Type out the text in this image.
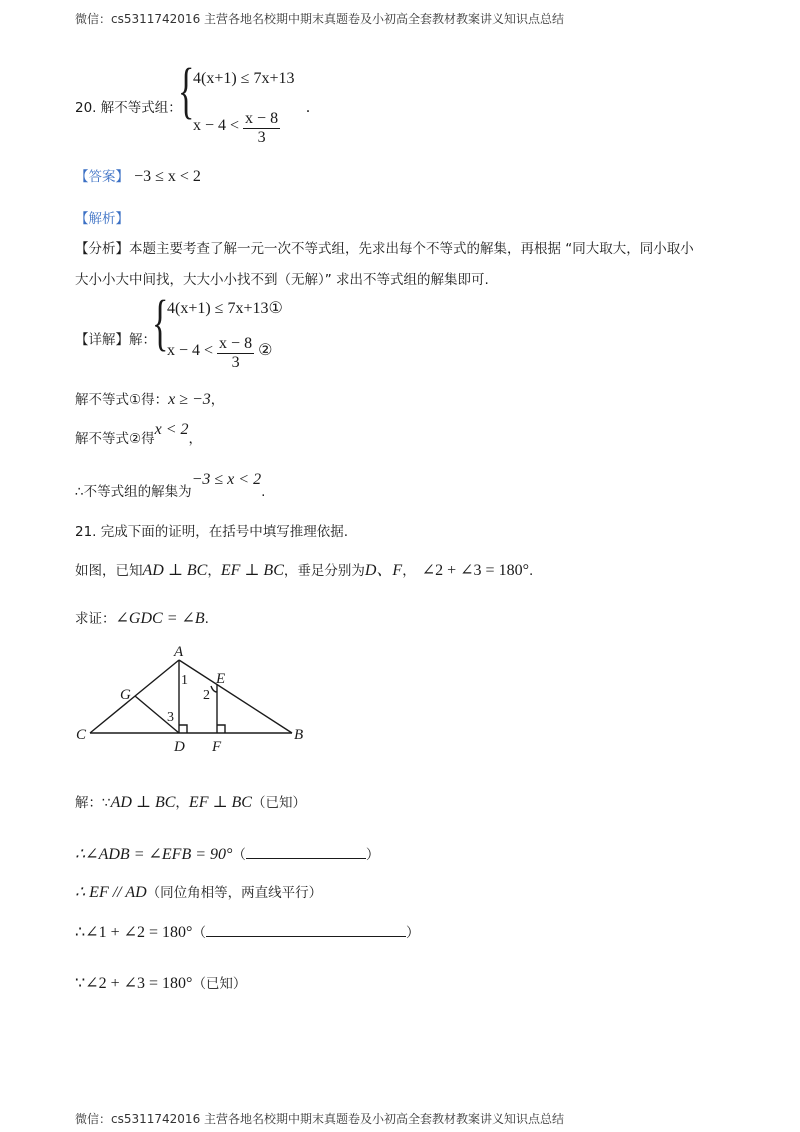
微信：cs5311742016 主营各地名校期中期末真题卷及小初高全套教材教案讲义知识点总结
20. 解不等式组：
{
4(x+1) ≤ 7x+13
$x - 4 < \frac{x - 8}{3}$
.
【答案】 −3 ≤ x < 2
【解析】
【分析】本题主要考查了解一元一次不等式组，先求出每个不等式的解集，再根据 “同大取大，同小取小
大小小大中间找，大大小小找不到（无解）” 求出不等式组的解集即可.
【详解】解：
{
4(x+1) ≤ 7x+13①
$x - 4 < \frac{x - 8}{3}$ ②
解不等式①得：x ≥ −3，
解不等式②得x < 2，
∴不等式组的解集为−3 ≤ x < 2.
21. 完成下面的证明，在括号中填写推理依据.
如图，已知AD ⊥ BC，EF ⊥ BC，垂足分别为D、F， ∠2 + ∠3 = 180°.
求证：∠GDC = ∠B.
A
B
C
D
E
F
G
1
2
3
解：∵AD ⊥ BC，EF ⊥ BC（已知）
∴∠ADB = ∠EFB = 90°（	）
∴ EF // AD（同位角相等，两直线平行）
∴∠1 + ∠2 = 180°（	）
∵∠2 + ∠3 = 180°（已知）
微信：cs5311742016 主营各地名校期中期末真题卷及小初高全套教材教案讲义知识点总结
